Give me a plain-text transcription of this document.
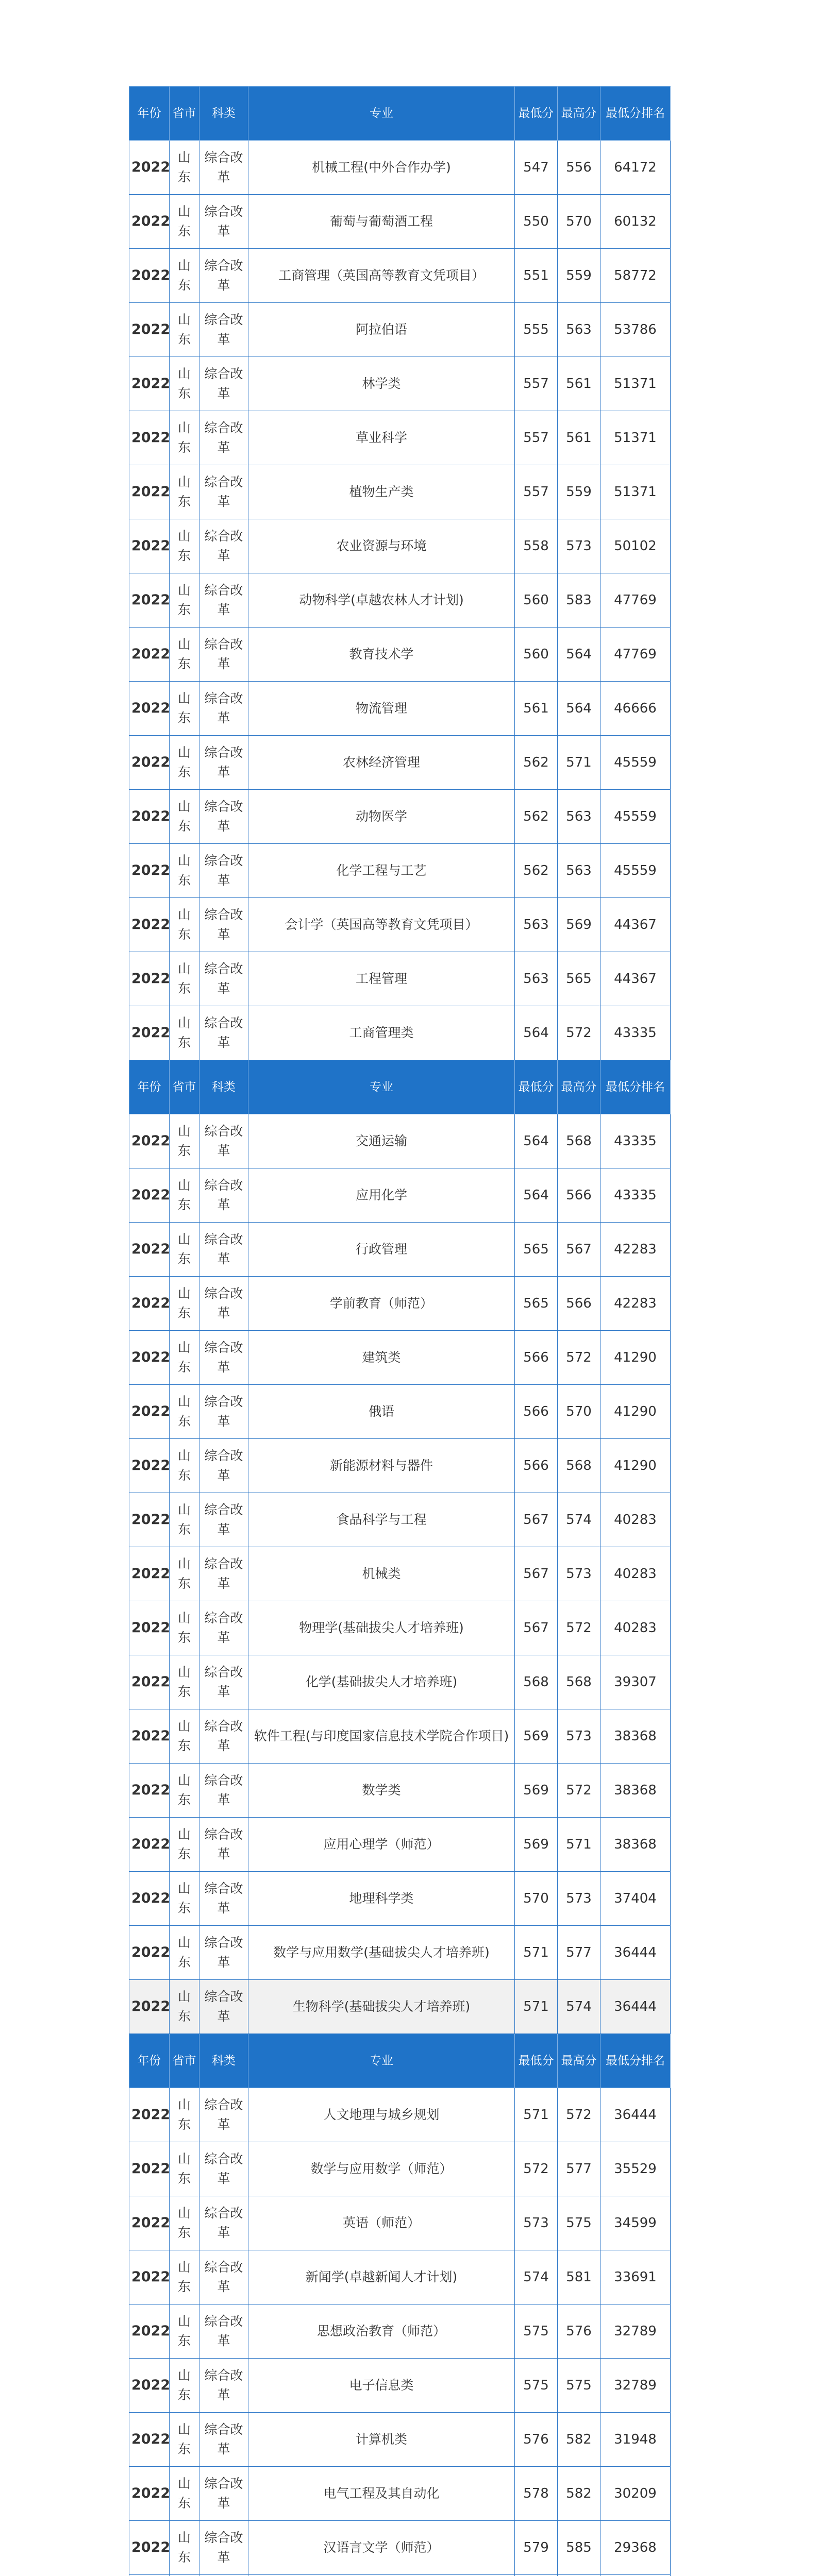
年份	省市	科类	专业	最低分	最高分	最低分排名
2022	山东	综合改革	机械工程(中外合作办学)	547	556	64172
2022	山东	综合改革	葡萄与葡萄酒工程	550	570	60132
2022	山东	综合改革	工商管理（英国高等教育文凭项目）	551	559	58772
2022	山东	综合改革	阿拉伯语	555	563	53786
2022	山东	综合改革	林学类	557	561	51371
2022	山东	综合改革	草业科学	557	561	51371
2022	山东	综合改革	植物生产类	557	559	51371
2022	山东	综合改革	农业资源与环境	558	573	50102
2022	山东	综合改革	动物科学(卓越农林人才计划)	560	583	47769
2022	山东	综合改革	教育技术学	560	564	47769
2022	山东	综合改革	物流管理	561	564	46666
2022	山东	综合改革	农林经济管理	562	571	45559
2022	山东	综合改革	动物医学	562	563	45559
2022	山东	综合改革	化学工程与工艺	562	563	45559
2022	山东	综合改革	会计学（英国高等教育文凭项目）	563	569	44367
2022	山东	综合改革	工程管理	563	565	44367
2022	山东	综合改革	工商管理类	564	572	43335
年份	省市	科类	专业	最低分	最高分	最低分排名
2022	山东	综合改革	交通运输	564	568	43335
2022	山东	综合改革	应用化学	564	566	43335
2022	山东	综合改革	行政管理	565	567	42283
2022	山东	综合改革	学前教育（师范）	565	566	42283
2022	山东	综合改革	建筑类	566	572	41290
2022	山东	综合改革	俄语	566	570	41290
2022	山东	综合改革	新能源材料与器件	566	568	41290
2022	山东	综合改革	食品科学与工程	567	574	40283
2022	山东	综合改革	机械类	567	573	40283
2022	山东	综合改革	物理学(基础拔尖人才培养班)	567	572	40283
2022	山东	综合改革	化学(基础拔尖人才培养班)	568	568	39307
2022	山东	综合改革	软件工程(与印度国家信息技术学院合作项目)	569	573	38368
2022	山东	综合改革	数学类	569	572	38368
2022	山东	综合改革	应用心理学（师范）	569	571	38368
2022	山东	综合改革	地理科学类	570	573	37404
2022	山东	综合改革	数学与应用数学(基础拔尖人才培养班)	571	577	36444
2022	山东	综合改革	生物科学(基础拔尖人才培养班)	571	574	36444
年份	省市	科类	专业	最低分	最高分	最低分排名
2022	山东	综合改革	人文地理与城乡规划	571	572	36444
2022	山东	综合改革	数学与应用数学（师范）	572	577	35529
2022	山东	综合改革	英语（师范）	573	575	34599
2022	山东	综合改革	新闻学(卓越新闻人才计划)	574	581	33691
2022	山东	综合改革	思想政治教育（师范）	575	576	32789
2022	山东	综合改革	电子信息类	575	575	32789
2022	山东	综合改革	计算机类	576	582	31948
2022	山东	综合改革	电气工程及其自动化	578	582	30209
2022	山东	综合改革	汉语言文学（师范）	579	585	29368
